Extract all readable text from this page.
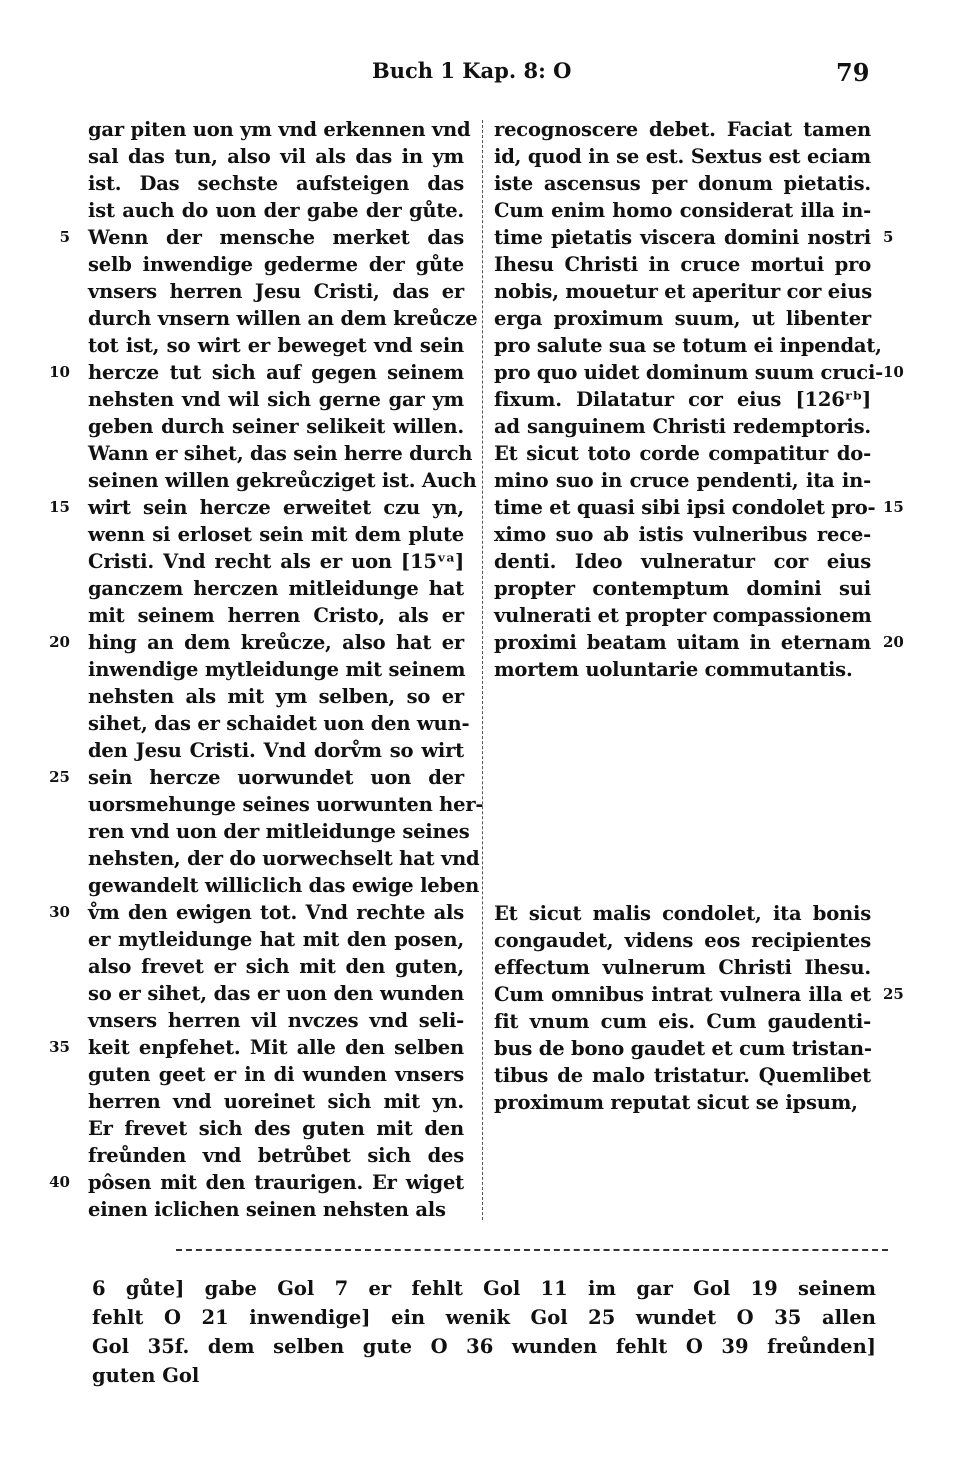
Buch 1 Kap. 8: O	79
gar piten uon ym vnd erkennen vnd
sal das tun, also vil als das in ym
ist. Das sechste aufsteigen das
ist auch do uon der gabe der gůte.
Wenn der mensche merket das
selb inwendige gederme der gůte
vnsers herren Jesu Cristi, das er
durch vnsern willen an dem kreůcze
tot ist, so wirt er beweget vnd sein
hercze tut sich auf gegen seinem
nehsten vnd wil sich gerne gar ym
geben durch seiner selikeit willen.
Wann er sihet, das sein herre durch
seinen willen gekreůcziget ist. Auch
wirt sein hercze erweitet czu yn,
wenn si erloset sein mit dem plute
Cristi. Vnd recht als er uon [15ᵛᵃ]
ganczem herczen mitleidunge hat
mit seinem herren Cristo, als er
hing an dem kreůcze, also hat er
inwendige mytleidunge mit seinem
nehsten als mit ym selben, so er
sihet, das er schaidet uon den wun-
den Jesu Cristi. Vnd dorv̊m so wirt
sein hercze uorwundet uon der
uorsmehunge seines uorwunten her-
ren vnd uon der mitleidunge seines
nehsten, der do uorwechselt hat vnd
gewandelt williclich das ewige leben
v̊m den ewigen tot. Vnd rechte als
er mytleidunge hat mit den posen,
also frevet er sich mit den guten,
so er sihet, das er uon den wunden
vnsers herren vil nvczes vnd seli-
keit enpfehet. Mit alle den selben
guten geet er in di wunden vnsers
herren vnd uoreinet sich mit yn.
Er frevet sich des guten mit den
freůnden vnd betrůbet sich des
pôsen mit den traurigen. Er wiget
einen iclichen seinen nehsten als
recognoscere debet. Faciat tamen
id, quod in se est. Sextus est eciam
iste ascensus per donum pietatis.
Cum enim homo considerat illa in-
time pietatis viscera domini nostri
Ihesu Christi in cruce mortui pro
nobis, mouetur et aperitur cor eius
erga proximum suum, ut libenter
pro salute sua se totum ei inpendat,
pro quo uidet dominum suum cruci-
fixum. Dilatatur cor eius [126ʳᵇ]
ad sanguinem Christi redemptoris.
Et sicut toto corde compatitur do-
mino suo in cruce pendenti, ita in-
time et quasi sibi ipsi condolet pro-
ximo suo ab istis vulneribus rece-
denti. Ideo vulneratur cor eius
propter contemptum domini sui
vulnerati et propter compassionem
proximi beatam uitam in eternam
mortem uoluntarie commutantis.
Et sicut malis condolet, ita bonis
congaudet, videns eos recipientes
effectum vulnerum Christi Ihesu.
Cum omnibus intrat vulnera illa et
fit vnum cum eis. Cum gaudenti-
bus de bono gaudet et cum tristan-
tibus de malo tristatur. Quemlibet
proximum reputat sicut se ipsum,
5
10
15
20
25
30
35
40
5
10
15
20
25
6 gůte] gabe Gol 7 er fehlt Gol 11 im gar Gol 19 seinem
fehlt O 21 inwendige] ein wenik Gol 25 wundet O 35 allen
Gol 35f. dem selben gute O 36 wunden fehlt O 39 freůnden]
guten Gol
